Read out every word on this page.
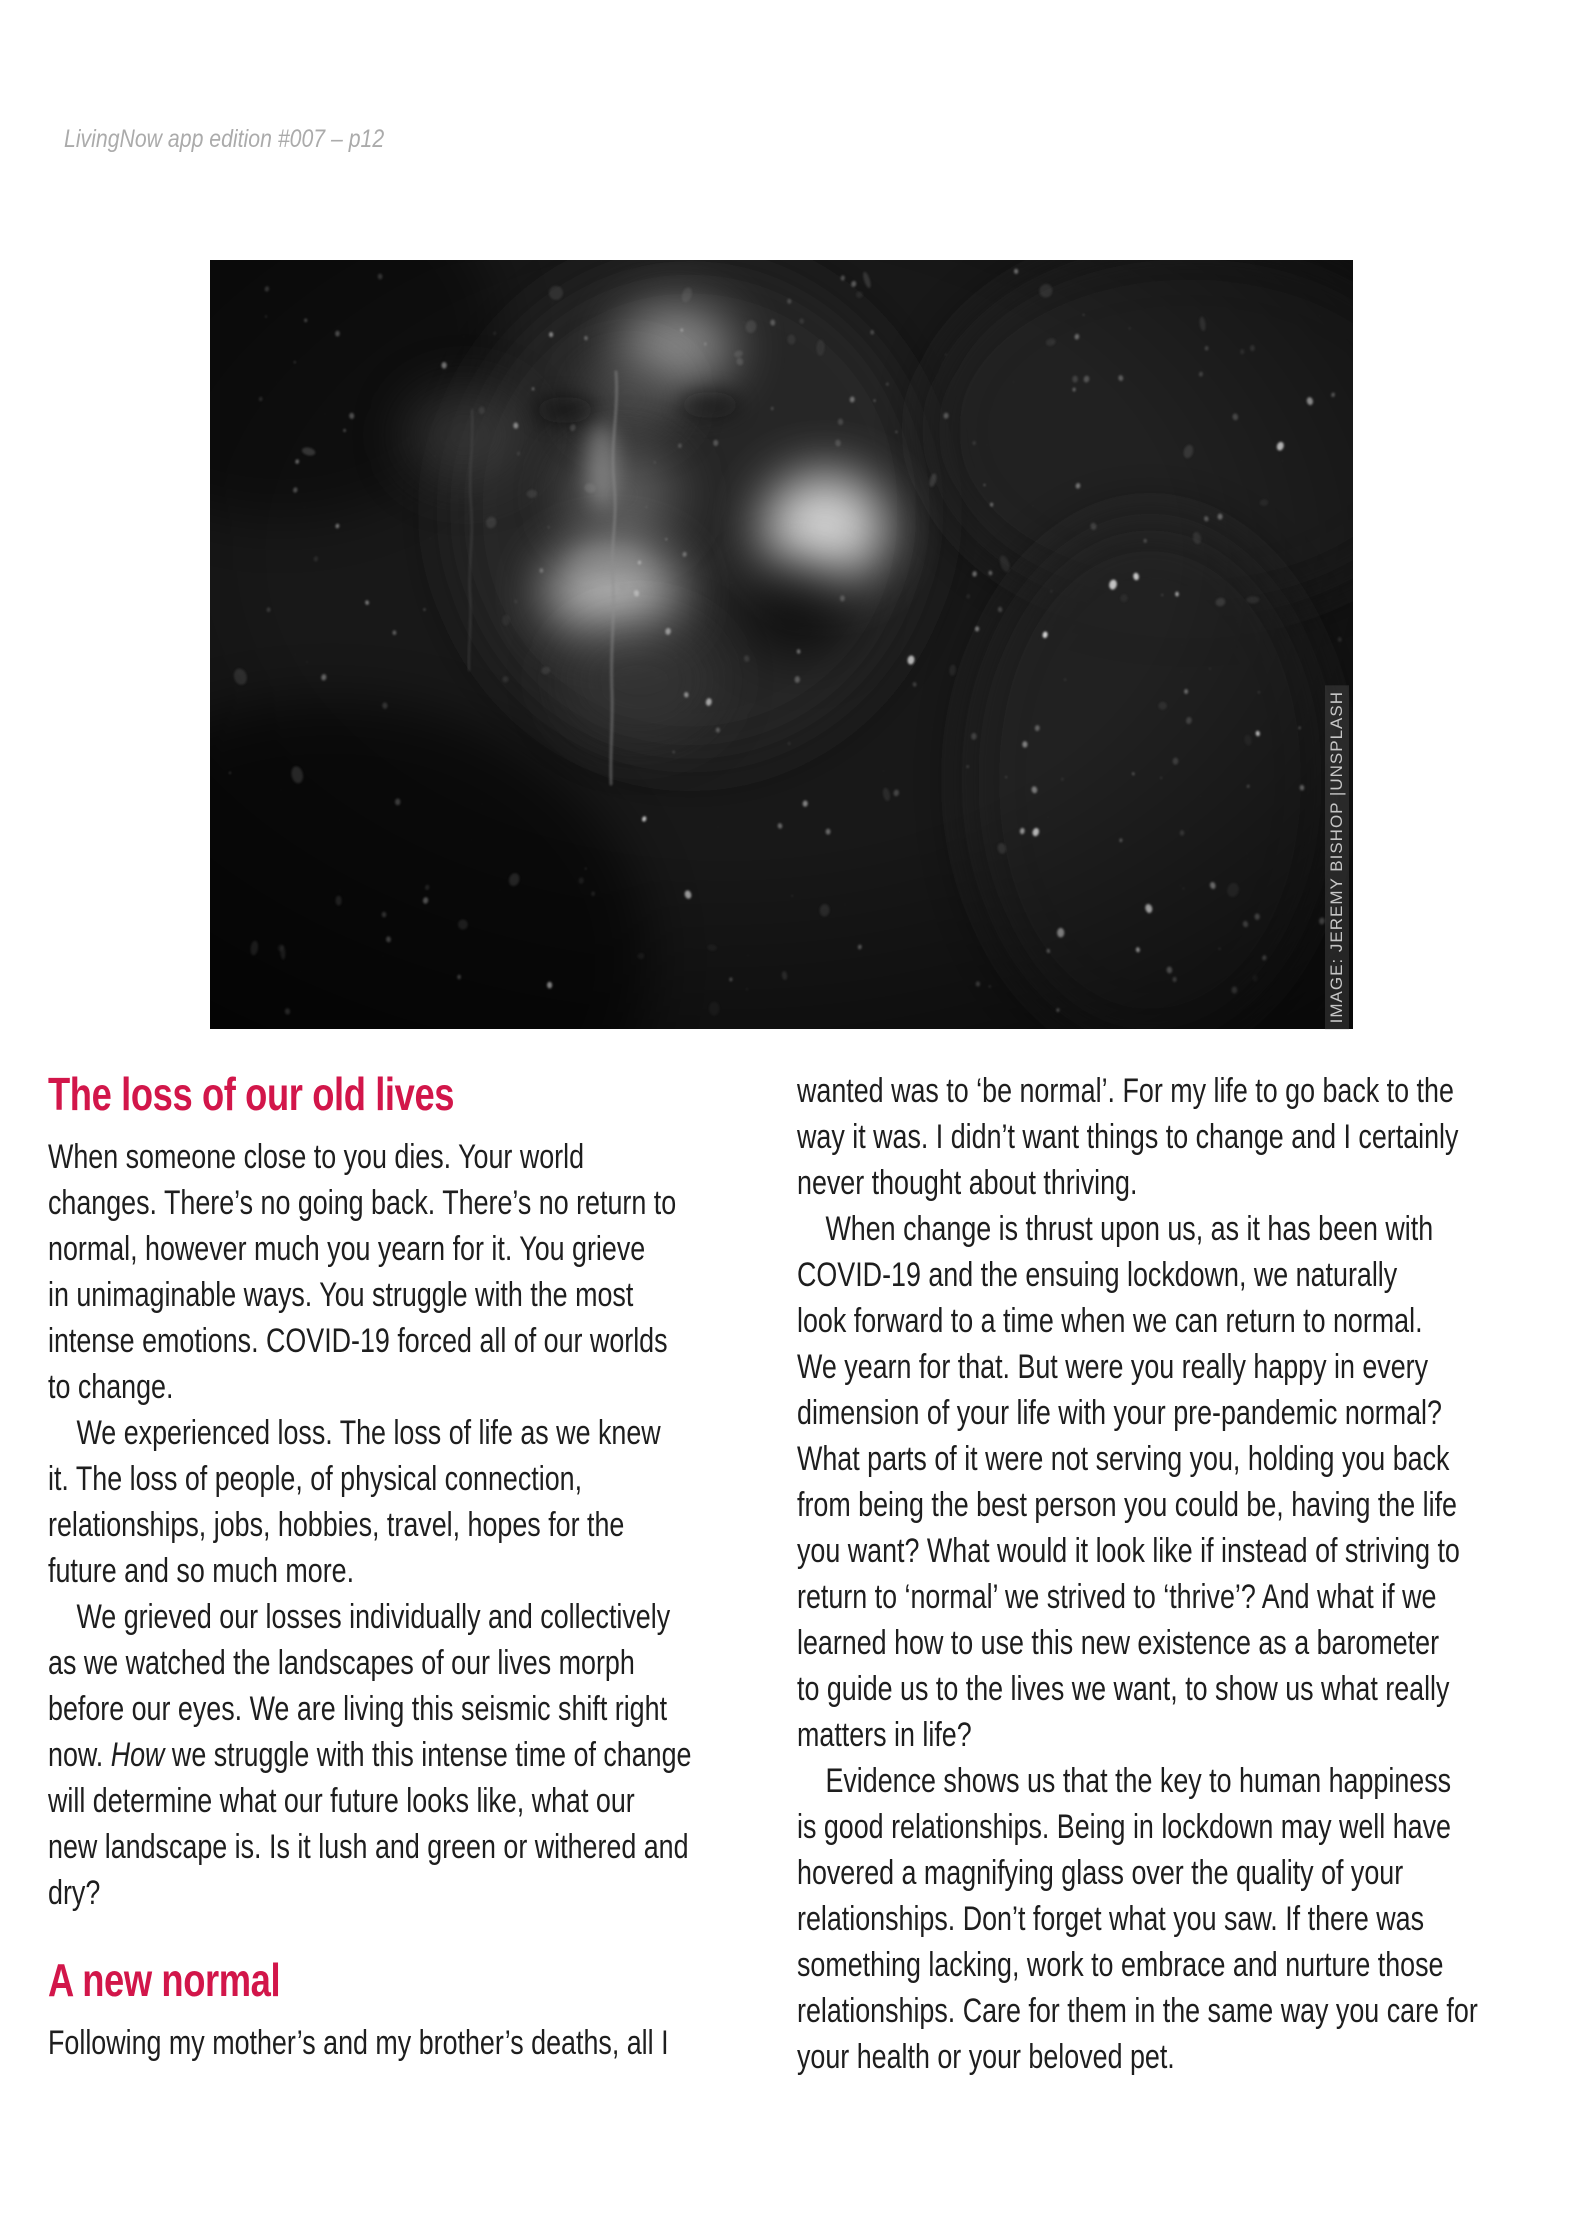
LivingNow app edition #007 – p12
IMAGE: JEREMY BISHOP |UNSPLASH
The loss of our old lives

When someone close to you dies. Your world
changes. There’s no going back. There’s no return to
normal, however much you yearn for it. You grieve
in unimaginable ways. You struggle with the most
intense emotions. COVID-19 forced all of our worlds
to change.

We experienced loss. The loss of life as we knew
it. The loss of people, of physical connection,
relationships, jobs, hobbies, travel, hopes for the
future and so much more.

We grieved our losses individually and collectively
as we watched the landscapes of our lives morph
before our eyes. We are living this seismic shift right
now. How we struggle with this intense time of change
will determine what our future looks like, what our
new landscape is. Is it lush and green or withered and
dry?

A new normal

Following my mother’s and my brother’s deaths, all I

wanted was to ‘be normal’. For my life to go back to the
way it was. I didn’t want things to change and I certainly
never thought about thriving.

When change is thrust upon us, as it has been with
COVID-19 and the ensuing lockdown, we naturally
look forward to a time when we can return to normal.
We yearn for that. But were you really happy in every
dimension of your life with your pre-pandemic normal?
What parts of it were not serving you, holding you back
from being the best person you could be, having the life
you want? What would it look like if instead of striving to
return to ‘normal’ we strived to ‘thrive’? And what if we
learned how to use this new existence as a barometer
to guide us to the lives we want, to show us what really
matters in life?

Evidence shows us that the key to human happiness
is good relationships. Being in lockdown may well have
hovered a magnifying glass over the quality of your
relationships. Don’t forget what you saw. If there was
something lacking, work to embrace and nurture those
relationships. Care for them in the same way you care for
your health or your beloved pet.
